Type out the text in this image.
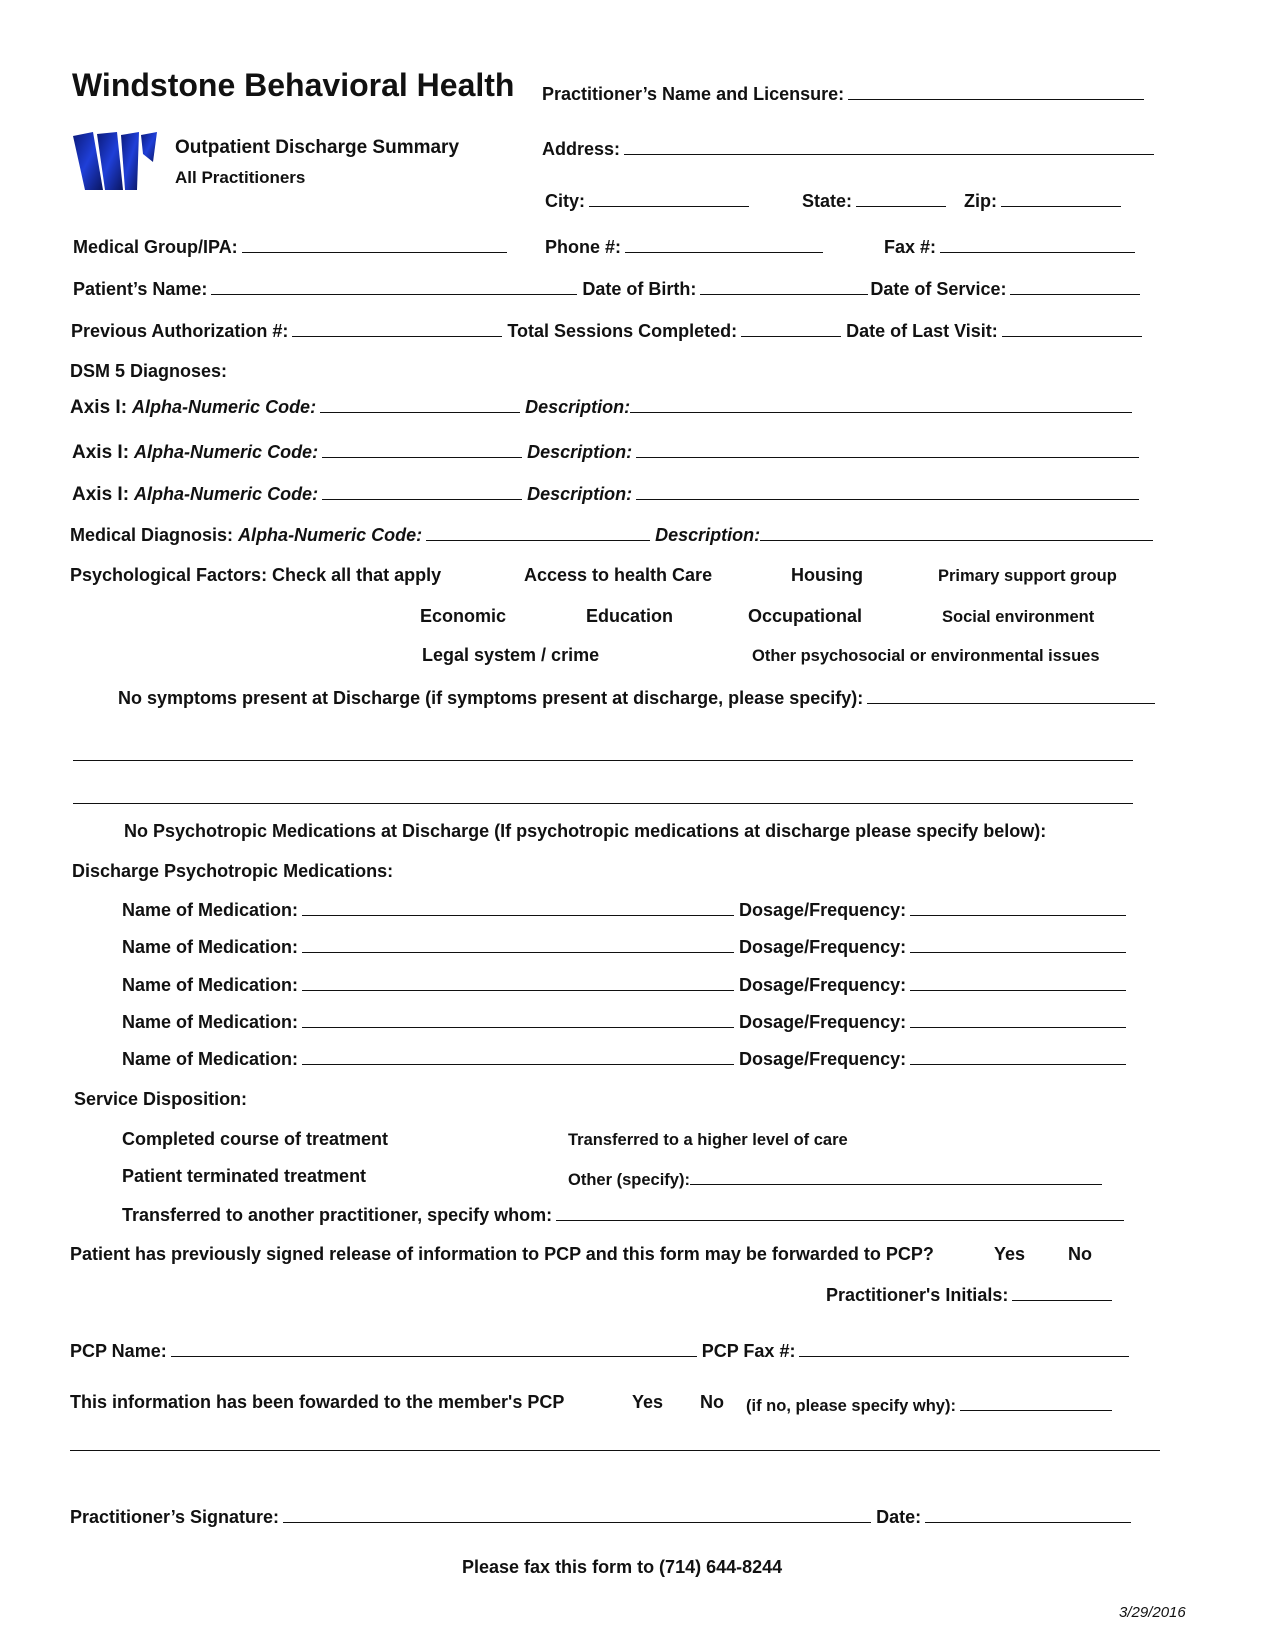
Windstone Behavioral Health Practitioner’s Name and Licensure:
Outpatient Discharge Summary
All Practitioners
Address:
City:	State:	Zip:
Medical Group/IPA:	Phone #:	Fax #:
Patient’s Name:	Date of Birth:	Date of Service:
Previous Authorization #:	Total Sessions Completed:	Date of Last Visit:
DSM 5 Diagnoses:
Axis I: Alpha-Numeric Code:	Description:
Axis I: Alpha-Numeric Code:	Description:
Axis I: Alpha-Numeric Code:	Description:
Medical Diagnosis: Alpha-Numeric Code:	Description:
Psychological Factors: Check all that apply	Access to health Care	Housing	Primary support group
Economic	Education	Occupational	Social environment
Legal system / crime	Other psychosocial or environmental issues
No symptoms present at Discharge (if symptoms present at discharge, please specify):
No Psychotropic Medications at Discharge (If psychotropic medications at discharge please specify below):
Discharge Psychotropic Medications:
Name of Medication:	Dosage/Frequency:
Name of Medication:	Dosage/Frequency:
Name of Medication:	Dosage/Frequency:
Name of Medication:	Dosage/Frequency:
Name of Medication:	Dosage/Frequency:
Service Disposition:
Completed course of treatment	Transferred to a higher level of care
Patient terminated treatment	Other (specify):
Transferred to another practitioner, specify whom:
Patient has previously signed release of information to PCP and this form may be forwarded to PCP?	Yes No
Practitioner's Initials:
PCP Name:	PCP Fax #:
This information has been fowarded to the member's PCP	Yes No (if no, please specify why):
Practitioner’s Signature:	Date:
Please fax this form to (714) 644-8244
3/29/2016
